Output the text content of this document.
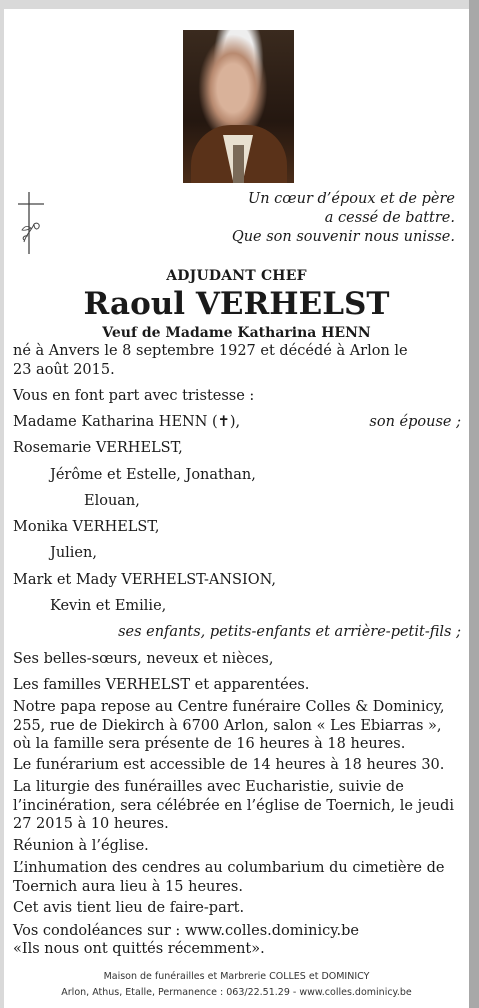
Un cœur d’époux et de père
a cessé de battre.
Que son souvenir nous unisse.
ADJUDANT CHEF
Raoul VERHELST
Veuf de Madame Katharina HENN
né à Anvers le 8 septembre 1927 et décédé à Arlon le
23 août 2015.
Vous en font part avec tristesse :
Madame Katharina HENN (✝),	son épouse ;
Rosemarie VERHELST,
Jérôme et Estelle, Jonathan,
Elouan,
Monika VERHELST,
Julien,
Mark et Mady VERHELST-ANSION,
Kevin et Emilie,
ses enfants, petits-enfants et arrière-petit-fils ;
Ses belles-sœurs, neveux et nièces,
Les familles VERHELST et apparentées.
Notre papa repose au Centre funéraire Colles & Dominicy, 255, rue de Diekirch à 6700 Arlon, salon « Les Ebiarras », où la famille sera présente de 16 heures à 18 heures.
Le funérarium est accessible de 14 heures à 18 heures 30.
La liturgie des funérailles avec Eucharistie, suivie de l’incinération, sera célébrée en l’église de Toernich, le jeudi 27 2015 à 10 heures.
Réunion à l’église.
L’inhumation des cendres au columbarium du cimetière de Toernich aura lieu à 15 heures.
Cet avis tient lieu de faire-part.
Vos condoléances sur : www.colles.dominicy.be
«Ils nous ont quittés récemment».
Maison de funérailles et Marbrerie COLLES et DOMINICY
Arlon, Athus, Etalle, Permanence : 063/22.51.29 - www.colles.dominicy.be
